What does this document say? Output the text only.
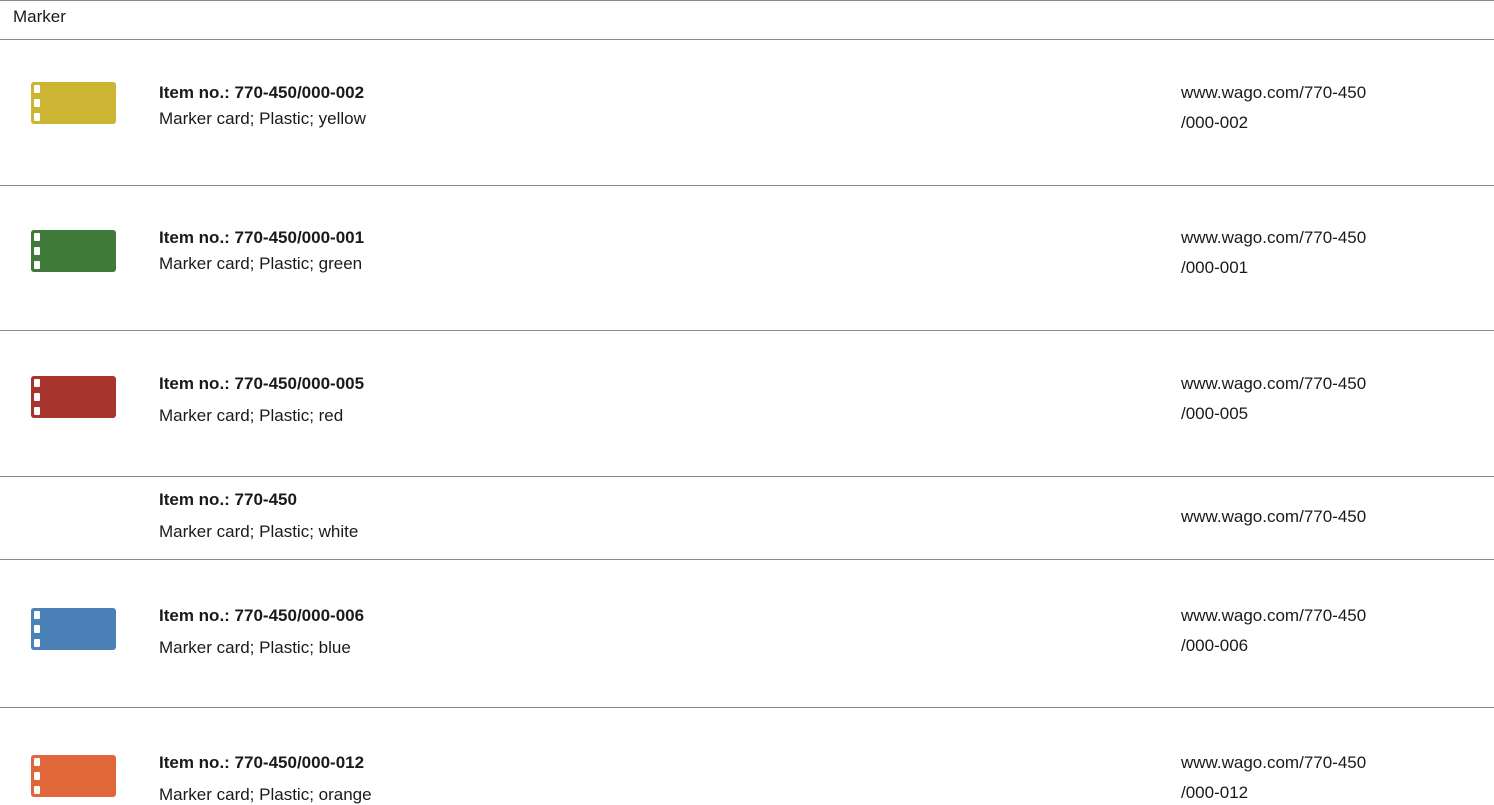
Marker
Item no.: 770-450/000-002
Marker card; Plastic; yellow
www.wago.com/770-450
/000-002
Item no.: 770-450/000-001
Marker card; Plastic; green
www.wago.com/770-450
/000-001
Item no.: 770-450/000-005
Marker card; Plastic; red
www.wago.com/770-450
/000-005
Item no.: 770-450
Marker card; Plastic; white
www.wago.com/770-450
Item no.: 770-450/000-006
Marker card; Plastic; blue
www.wago.com/770-450
/000-006
Item no.: 770-450/000-012
Marker card; Plastic; orange
www.wago.com/770-450
/000-012
